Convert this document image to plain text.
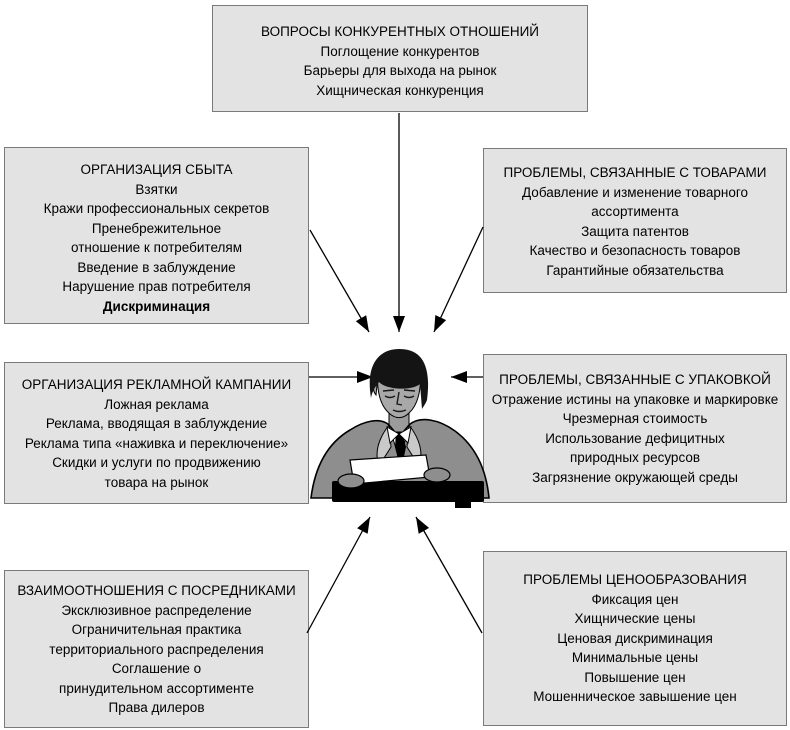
ВОПРОСЫ КОНКУРЕНТНЫХ ОТНОШЕНИЙ
Поглощение конкурентов
Барьеры для выхода на рынок
Хищническая конкуренция
ОРГАНИЗАЦИЯ СБЫТА
Взятки
Кражи профессиональных секретов
Пренебрежительное отношение к потребителям
Введение в заблуждение
Нарушение прав потребителя
Дискриминация
ОРГАНИЗАЦИЯ РЕКЛАМНОЙ КАМПАНИИ
Ложная реклама
Реклама, вводящая в заблуждение
Реклама типа «наживка и переключение»
Скидки и услуги по продвижению товара на рынок
ВЗАИМООТНОШЕНИЯ С ПОСРЕДНИКАМИ
Эксклюзивное распределение
Ограничительная практика территориального распределения
Соглашение о принудительном ассортименте
Права дилеров
ПРОБЛЕМЫ, СВЯЗАННЫЕ С ТОВАРАМИ
Добавление и изменение товарного ассортимента
Защита патентов
Качество и безопасность товаров
Гарантийные обязательства
ПРОБЛЕМЫ, СВЯЗАННЫЕ С УПАКОВКОЙ
Отражение истины на упаковке и маркировке
Чрезмерная стоимость
Использование дефицитных природных ресурсов
Загрязнение окружающей среды
ПРОБЛЕМЫ ЦЕНООБРАЗОВАНИЯ
Фиксация цен
Хищнические цены
Ценовая дискриминация
Минимальные цены
Повышение цен
Мошенническое завышение цен
